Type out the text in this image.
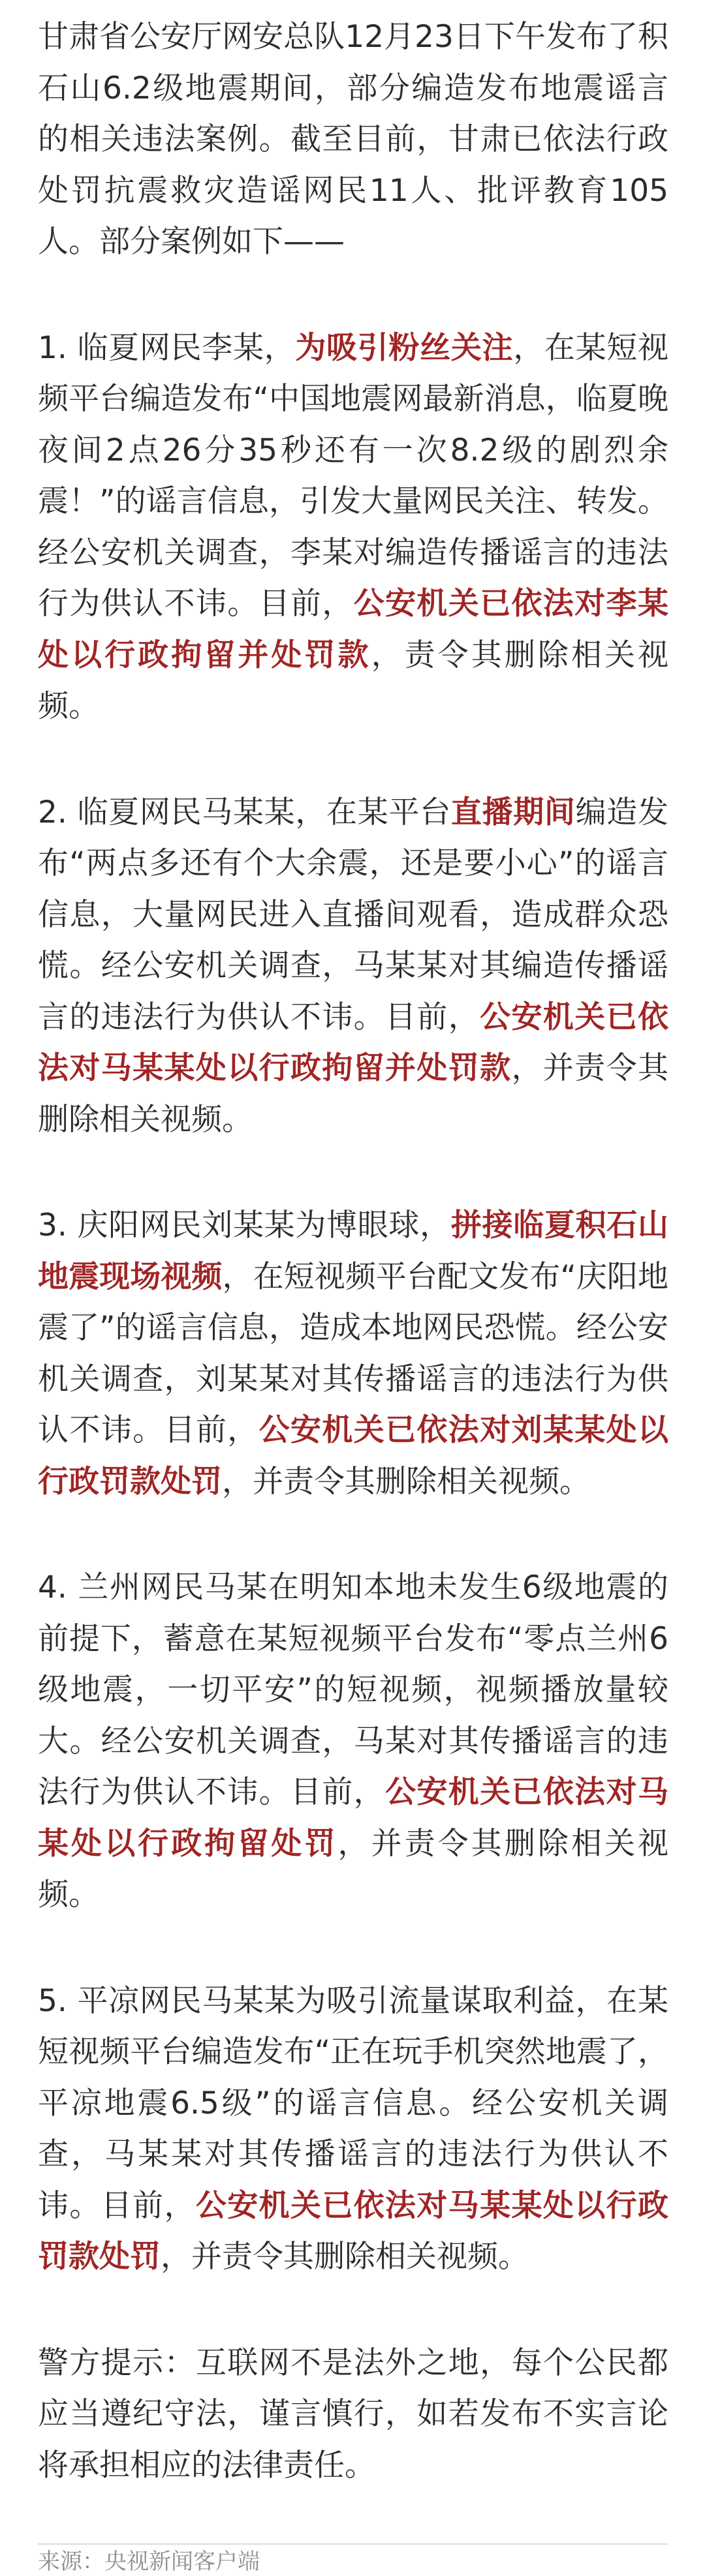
甘肃省公安厅网安总队12月23日下午发布了积石山6.2级地震期间，部分编造发布地震谣言的相关违法案例。截至目前，甘肃已依法行政处罚抗震救灾造谣网民11人、批评教育105人。部分案例如下——

1. 临夏网民李某，为吸引粉丝关注，在某短视频平台编造发布“中国地震网最新消息，临夏晚夜间2点26分35秒还有一次8.2级的剧烈余震！”的谣言信息，引发大量网民关注、转发。经公安机关调查，李某对编造传播谣言的违法行为供认不讳。目前，公安机关已依法对李某处以行政拘留并处罚款，责令其删除相关视频。

2. 临夏网民马某某，在某平台直播期间编造发布“两点多还有个大余震，还是要小心”的谣言信息，大量网民进入直播间观看，造成群众恐慌。经公安机关调查，马某某对其编造传播谣言的违法行为供认不讳。目前，公安机关已依法对马某某处以行政拘留并处罚款，并责令其删除相关视频。

3. 庆阳网民刘某某为博眼球，拼接临夏积石山地震现场视频，在短视频平台配文发布“庆阳地震了”的谣言信息，造成本地网民恐慌。经公安机关调查，刘某某对其传播谣言的违法行为供认不讳。目前，公安机关已依法对刘某某处以行政罚款处罚，并责令其删除相关视频。

4. 兰州网民马某在明知本地未发生6级地震的前提下，蓄意在某短视频平台发布“零点兰州6级地震，一切平安”的短视频，视频播放量较大。经公安机关调查，马某对其传播谣言的违法行为供认不讳。目前，公安机关已依法对马某处以行政拘留处罚，并责令其删除相关视频。

5. 平凉网民马某某为吸引流量谋取利益，在某短视频平台编造发布“正在玩手机突然地震了，平凉地震6.5级”的谣言信息。经公安机关调查，马某某对其传播谣言的违法行为供认不讳。目前，公安机关已依法对马某某处以行政罚款处罚，并责令其删除相关视频。

警方提示：互联网不是法外之地，每个公民都应当遵纪守法，谨言慎行，如若发布不实言论将承担相应的法律责任。

来源：央视新闻客户端
